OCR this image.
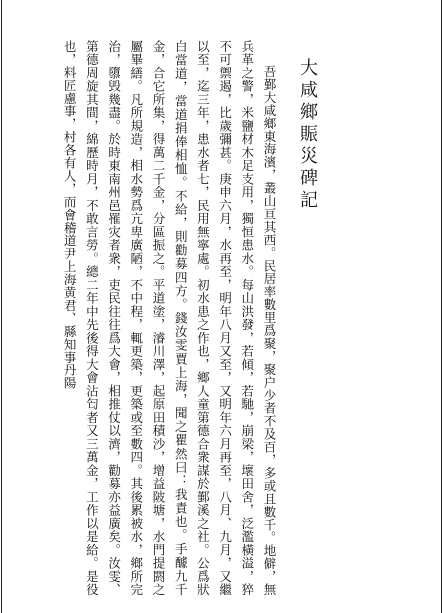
大咸鄉賑災碑記

吾鄞大咸鄉東海濱，叢山亘其西。民居率數里爲聚，聚户少者不及百，多或且數千。地僻，無兵革之警，米鹽材木足支用，獨恒患水。每山洪發，若傾，若馳，崩梁，壞田舍，泛濫橫溢，猝不可禦遏，比歲彌甚。庚申六月，水再至，明年八月又至，又明年六月再至，八月、九月，又繼以至，迄三年，患水者七，民用無寧處。初水患之作也，鄉人童第德合衆謀於鄞溪之社。公爲狀白當道，當道捐俸相恤。不給，則勸募四方。錢汝雯賈上海，聞之瞿然曰：我責也。手醵九千金，合它所集，得萬二千金，分區振之。平道塗，濬川澤，起原田積沙，增益陂塘，水門提閼之屬畢繕。凡所規造，相水勢爲亢卑廣陋，不中程，輒更築，更築或至數四。其後累被水，鄉所完治，隳毁幾盡。於時東南州邑罹灾者衆，吏民往往爲大會，相推仗以濟，勸募亦益廣矣。汝雯、第德周旋其間，綿歷時月，不敢言勞。總二年中先後得大會沾匄者又三萬金，工作以是給。是役也，料匠慮事，村各有人，而會稽道尹上海黄君、縣知事丹陽
